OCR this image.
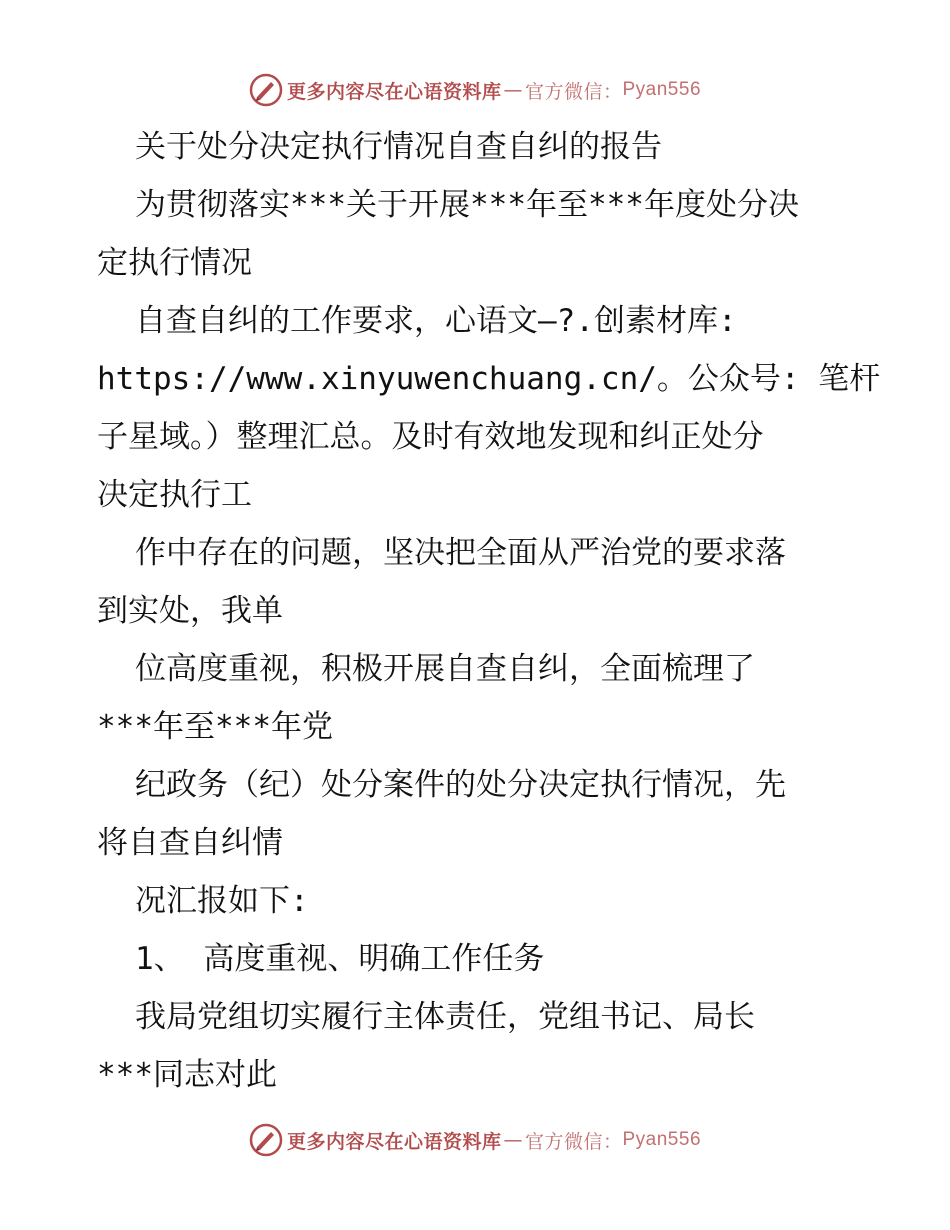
更多内容尽在心语资料库 — 官方微信： Pyan556
关于处分决定执行情况自查自纠的报告
为贯彻落实***关于开展***年至***年度处分决
定执行情况
自查自纠的工作要求，心语文—?.创素材库:
https://www.xinyuwenchuang.cn/。公众号: 笔杆
子星域。）整理汇总。及时有效地发现和纠正处分
决定执行工
作中存在的问题，坚决把全面从严治党的要求落
到实处，我单
位高度重视，积极开展自查自纠，全面梳理了
***年至***年党
纪政务（纪）处分案件的处分决定执行情况，先
将自查自纠情
况汇报如下:
1、 高度重视、明确工作任务
我局党组切实履行主体责任，党组书记、局长
***同志对此
更多内容尽在心语资料库 — 官方微信： Pyan556
